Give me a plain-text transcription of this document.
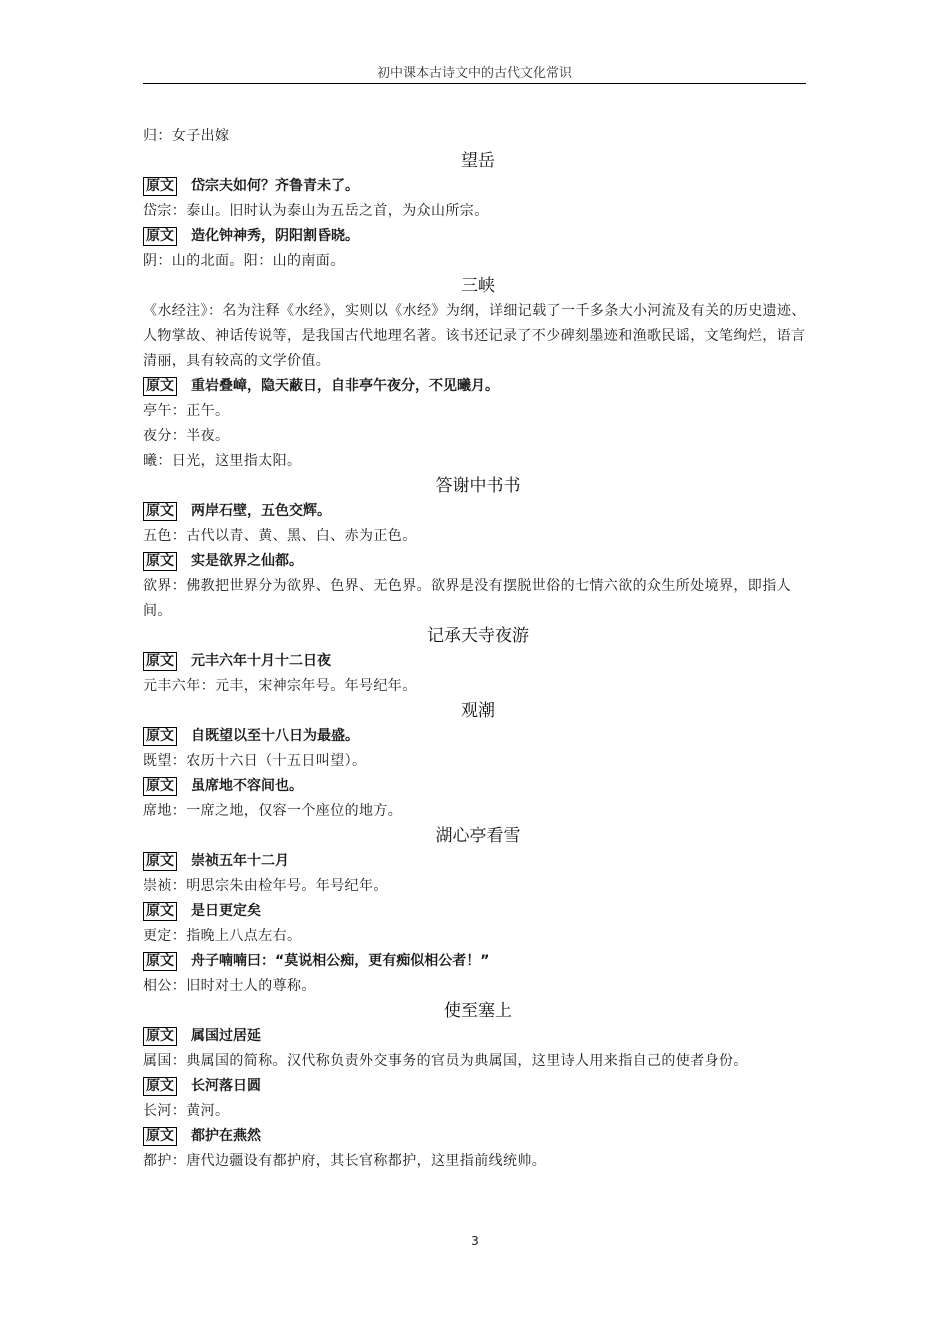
初中课本古诗文中的古代文化常识
归：女子出嫁
望岳
原文 岱宗夫如何？齐鲁青未了。
岱宗：泰山。旧时认为泰山为五岳之首，为众山所宗。
原文 造化钟神秀，阴阳割昏晓。
阴：山的北面。阳：山的南面。
三峡
《水经注》：名为注释《水经》，实则以《水经》为纲，详细记载了一千多条大小河流及有关的历史遗迹、人物掌故、神话传说等，是我国古代地理名著。该书还记录了不少碑刻墨迹和渔歌民谣，文笔绚烂，语言清丽，具有较高的文学价值。
原文 重岩叠嶂，隐天蔽日，自非亭午夜分，不见曦月。
亭午：正午。
夜分：半夜。
曦：日光，这里指太阳。
答谢中书书
原文 两岸石壁，五色交辉。
五色：古代以青、黄、黑、白、赤为正色。
原文 实是欲界之仙都。
欲界：佛教把世界分为欲界、色界、无色界。欲界是没有摆脱世俗的七情六欲的众生所处境界，即指人间。
记承天寺夜游
原文 元丰六年十月十二日夜
元丰六年：元丰，宋神宗年号。年号纪年。
观潮
原文 自既望以至十八日为最盛。
既望：农历十六日（十五日叫望）。
原文 虽席地不容间也。
席地：一席之地，仅容一个座位的地方。
湖心亭看雪
原文 崇祯五年十二月
崇祯：明思宗朱由检年号。年号纪年。
原文 是日更定矣
更定：指晚上八点左右。
原文 舟子喃喃曰：“莫说相公痴，更有痴似相公者！”
相公：旧时对士人的尊称。
使至塞上
原文 属国过居延
属国：典属国的简称。汉代称负责外交事务的官员为典属国，这里诗人用来指自己的使者身份。
原文 长河落日圆
长河：黄河。
原文 都护在燕然
都护：唐代边疆设有都护府，其长官称都护，这里指前线统帅。
3
